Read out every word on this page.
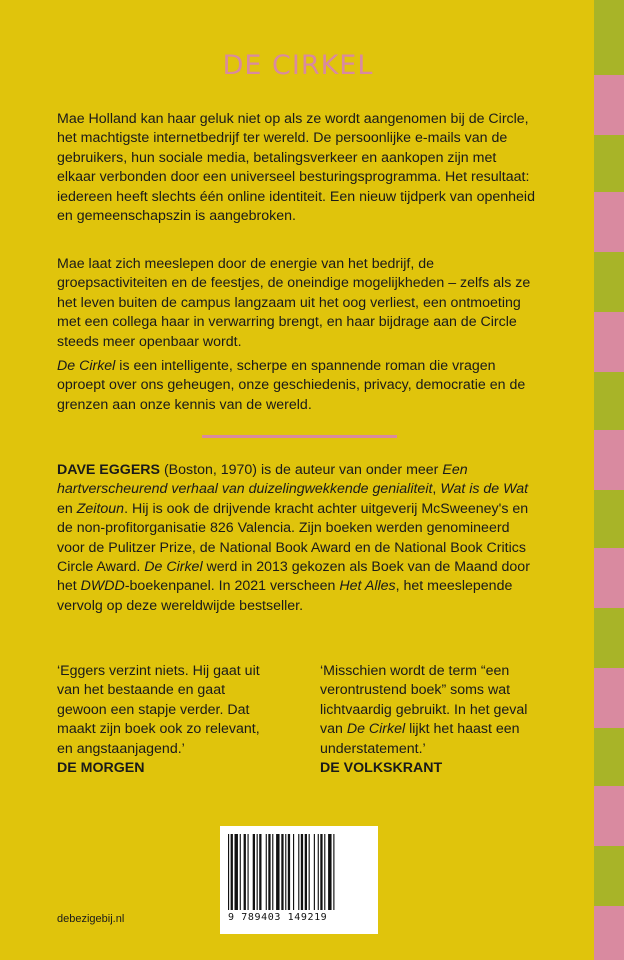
DE CIRKEL

Mae Holland kan haar geluk niet op als ze wordt aangenomen bij de Circle, het machtigste internetbedrijf ter wereld. De persoonlijke e-mails van de gebruikers, hun sociale media, betalingsverkeer en aankopen zijn met elkaar verbonden door een universeel besturingsprogramma. Het resultaat: iedereen heeft slechts één online identiteit. Een nieuw tijdperk van openheid en gemeenschapszin is aangebroken.

Mae laat zich meeslepen door de energie van het bedrijf, de groepsactiviteiten en de feestjes, de oneindige mogelijkheden – zelfs als ze het leven buiten de campus langzaam uit het oog verliest, een ontmoeting met een collega haar in verwarring brengt, en haar bijdrage aan de Circle steeds meer openbaar wordt.

De Cirkel is een intelligente, scherpe en spannende roman die vragen oproept over ons geheugen, onze geschiedenis, privacy, democratie en de grenzen aan onze kennis van de wereld.

DAVE EGGERS (Boston, 1970) is de auteur van onder meer Een hartverscheurend verhaal van duizelingwekkende genialiteit, Wat is de Wat en Zeitoun. Hij is ook de drijvende kracht achter uitgeverij McSweeney's en de non-profitorganisatie 826 Valencia. Zijn boeken werden genomineerd voor de Pulitzer Prize, de National Book Award en de National Book Critics Circle Award. De Cirkel werd in 2013 gekozen als Boek van de Maand door het DWDD-boekenpanel. In 2021 verscheen Het Alles, het meeslepende vervolg op deze wereldwijde bestseller.

‘Eggers verzint niets. Hij gaat uit van het bestaande en gaat gewoon een stapje verder. Dat maakt zijn boek ook zo relevant, en angstaanjagend.’
DE MORGEN

‘Misschien wordt de term “een verontrustend boek” soms wat lichtvaardig gebruikt. In het geval van De Cirkel lijkt het haast een understatement.’
DE VOLKSKRANT

9 789403 149219
debezigebij.nl
